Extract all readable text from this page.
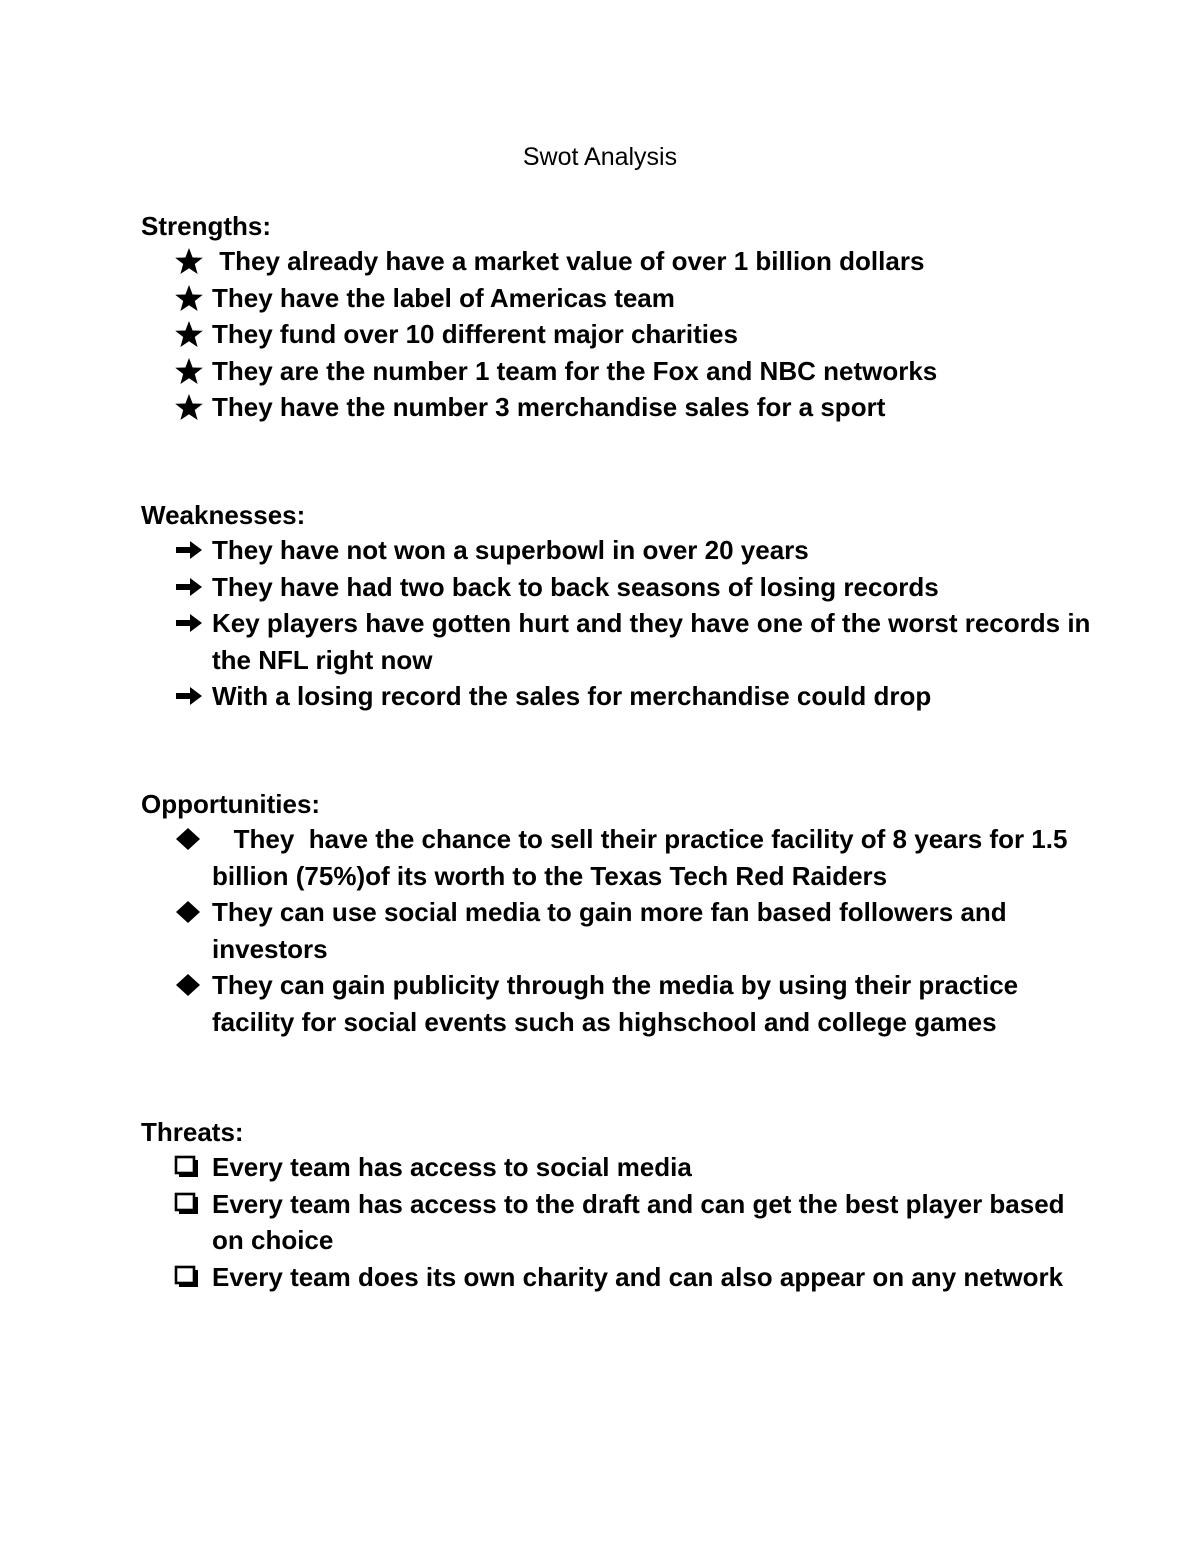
Swot Analysis
Strengths:
They already have a market value of over 1 billion dollars
They have the label of Americas team
They fund over 10 different major charities
They are the number 1 team for the Fox and NBC networks
They have the number 3 merchandise sales for a sport
Weaknesses:
They have not won a superbowl in over 20 years
They have had two back to back seasons of losing records
Key players have gotten hurt and they have one of the worst records in the NFL right now
With a losing record the sales for merchandise could drop
Opportunities:
They  have the chance to sell their practice facility of 8 years for 1.5 billion (75%)of its worth to the Texas Tech Red Raiders
They can use social media to gain more fan based followers and investors
They can gain publicity through the media by using their practice facility for social events such as highschool and college games
Threats:
Every team has access to social media
Every team has access to the draft and can get the best player based on choice
Every team does its own charity and can also appear on any network
